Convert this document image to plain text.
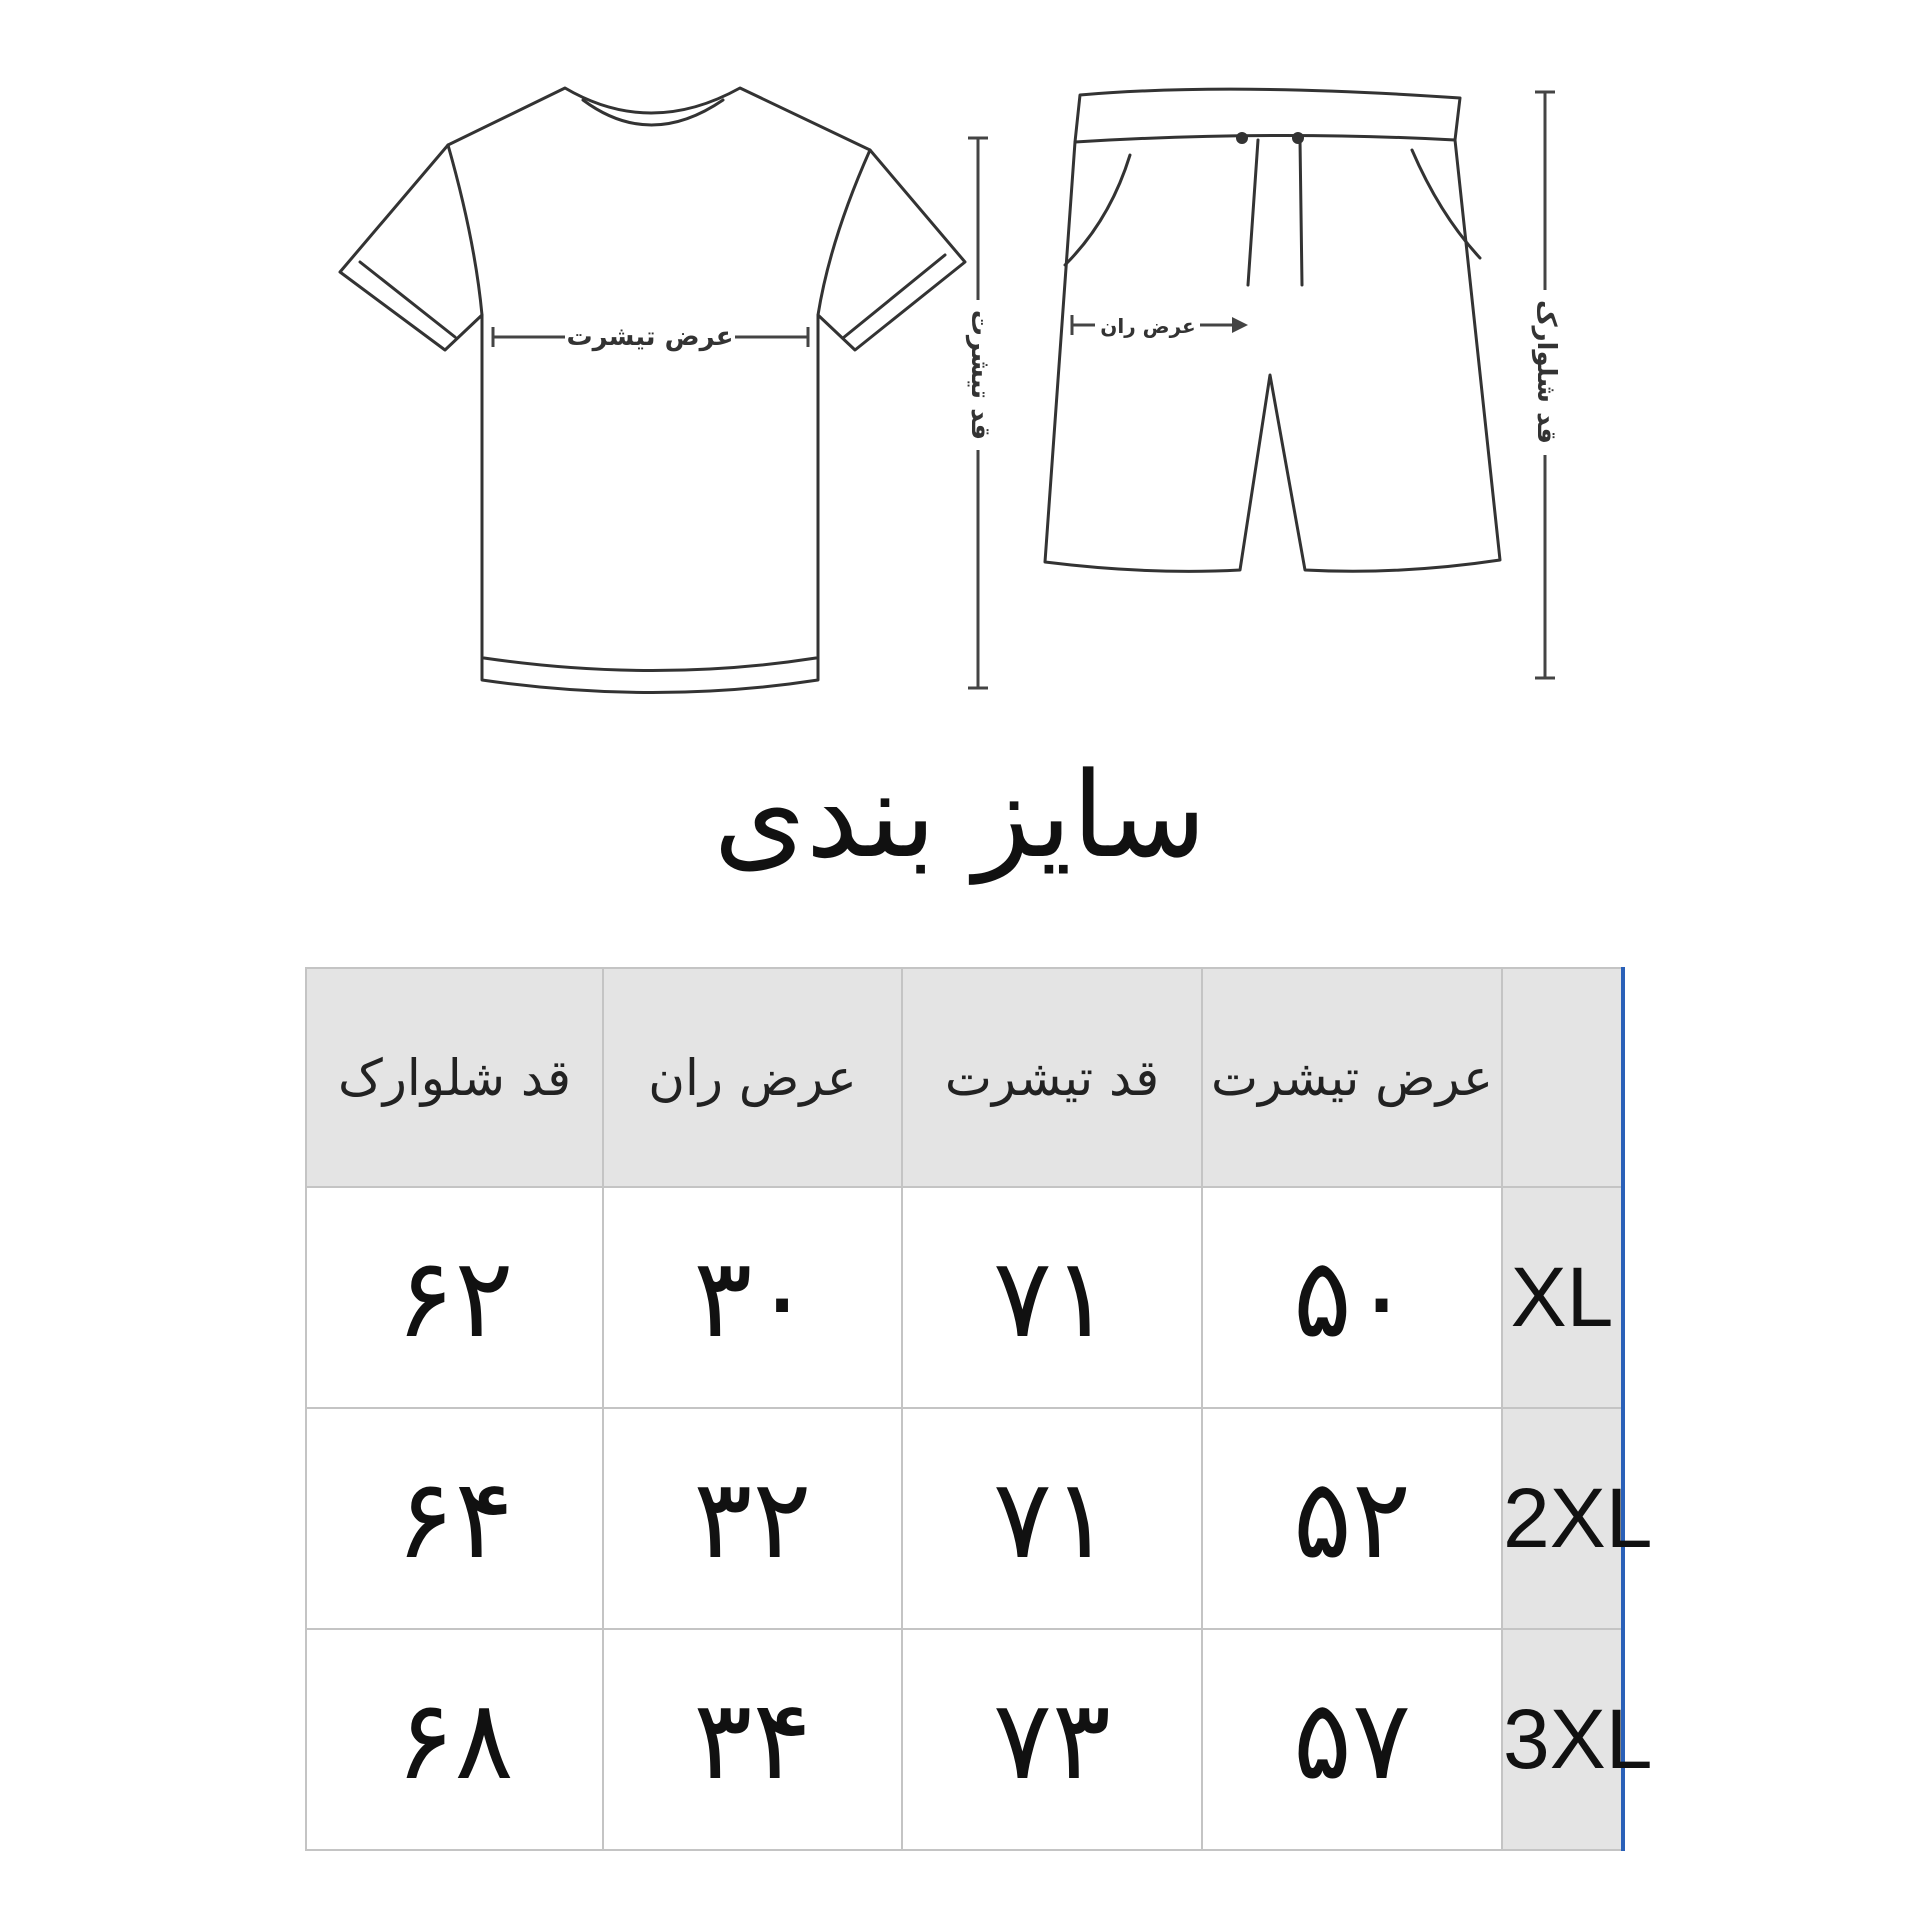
عرض تیشرت	عرض ران
قد تیشرت	قد شلوارک
سایز بندی
قد شلوارک	عرض ران	قد تیشرت	عرض تیشرت	
۶۲	۳۰	۷۱	۵۰	XL
۶۴	۳۲	۷۱	۵۲	2XL
۶۸	۳۴	۷۳	۵۷	3XL
